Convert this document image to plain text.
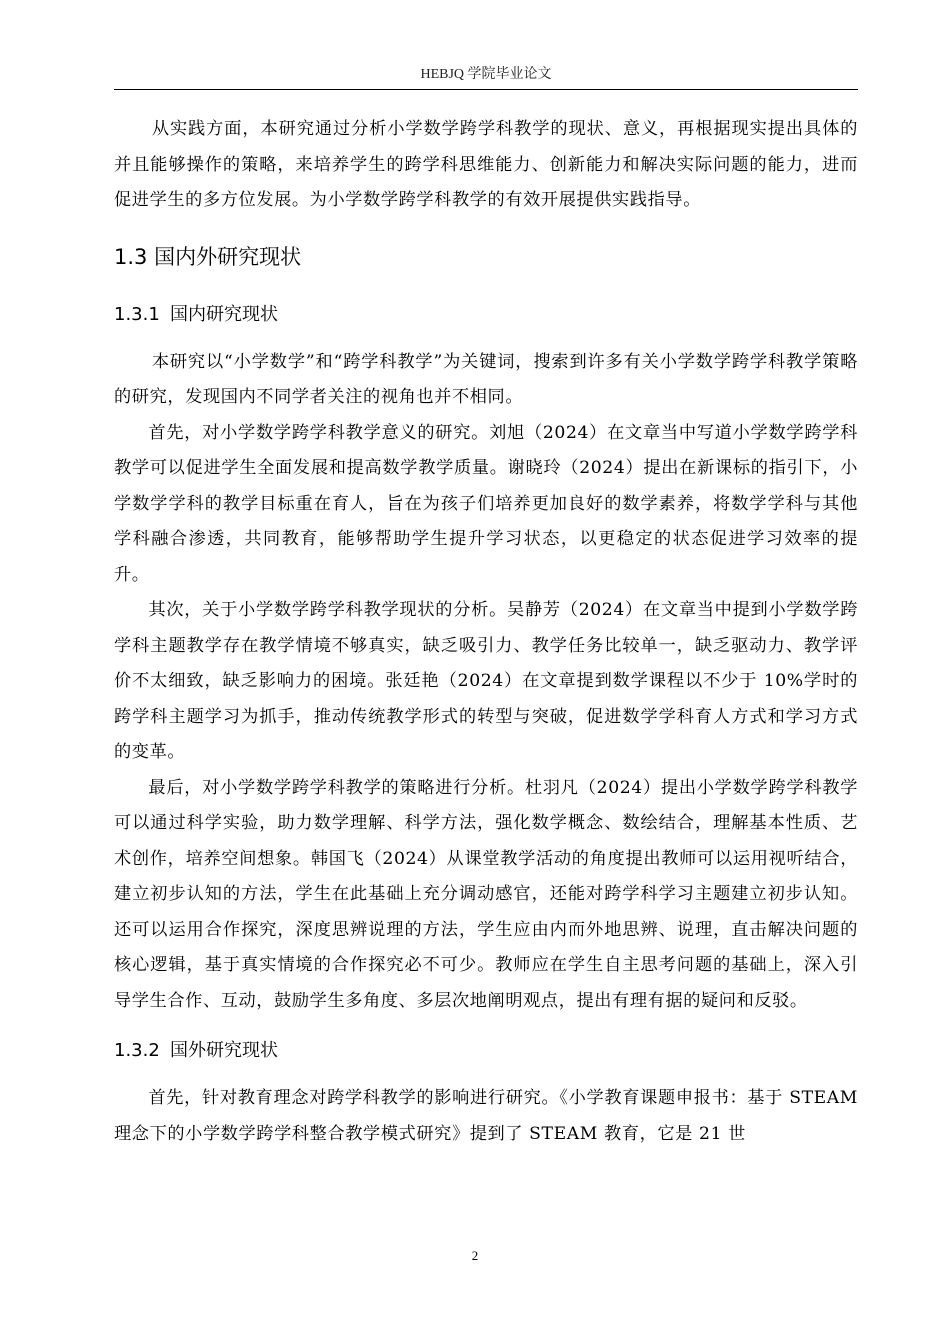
HEBJQ 学院毕业论文

从实践方面，本研究通过分析小学数学跨学科教学的现状、意义，再根据现实提出具体的并且能够操作的策略，来培养学生的跨学科思维能力、创新能力和解决实际问题的能力，进而促进学生的多方位发展。为小学数学跨学科教学的有效开展提供实践指导。

1.3 国内外研究现状
1.3.1 国内研究现状

本研究以“小学数学”和“跨学科教学”为关键词，搜索到许多有关小学数学跨学科教学策略的研究，发现国内不同学者关注的视角也并不相同。

首先，对小学数学跨学科教学意义的研究。刘旭（2024）在文章当中写道小学数学跨学科教学可以促进学生全面发展和提高数学教学质量。谢晓玲（2024）提出在新课标的指引下，小学数学学科的教学目标重在育人，旨在为孩子们培养更加良好的数学素养，将数学学科与其他学科融合渗透，共同教育，能够帮助学生提升学习状态，以更稳定的状态促进学习效率的提升。

其次，关于小学数学跨学科教学现状的分析。吴静芳（2024）在文章当中提到小学数学跨学科主题教学存在教学情境不够真实，缺乏吸引力、教学任务比较单一，缺乏驱动力、教学评价不太细致，缺乏影响力的困境。张廷艳（2024）在文章提到数学课程以不少于 10%学时的跨学科主题学习为抓手，推动传统教学形式的转型与突破，促进数学学科育人方式和学习方式的变革。

最后，对小学数学跨学科教学的策略进行分析。杜羽凡（2024）提出小学数学跨学科教学可以通过科学实验，助力数学理解、科学方法，强化数学概念、数绘结合，理解基本性质、艺术创作，培养空间想象。韩国飞（2024）从课堂教学活动的角度提出教师可以运用视听结合，建立初步认知的方法，学生在此基础上充分调动感官，还能对跨学科学习主题建立初步认知。还可以运用合作探究，深度思辨说理的方法，学生应由内而外地思辨、说理，直击解决问题的核心逻辑，基于真实情境的合作探究必不可少。教师应在学生自主思考问题的基础上，深入引导学生合作、互动，鼓励学生多角度、多层次地阐明观点，提出有理有据的疑问和反驳。

1.3.2 国外研究现状

首先，针对教育理念对跨学科教学的影响进行研究。《小学教育课题申报书：基于 STEAM 理念下的小学数学跨学科整合教学模式研究》提到了 STEAM 教育，它是 21 世

2
